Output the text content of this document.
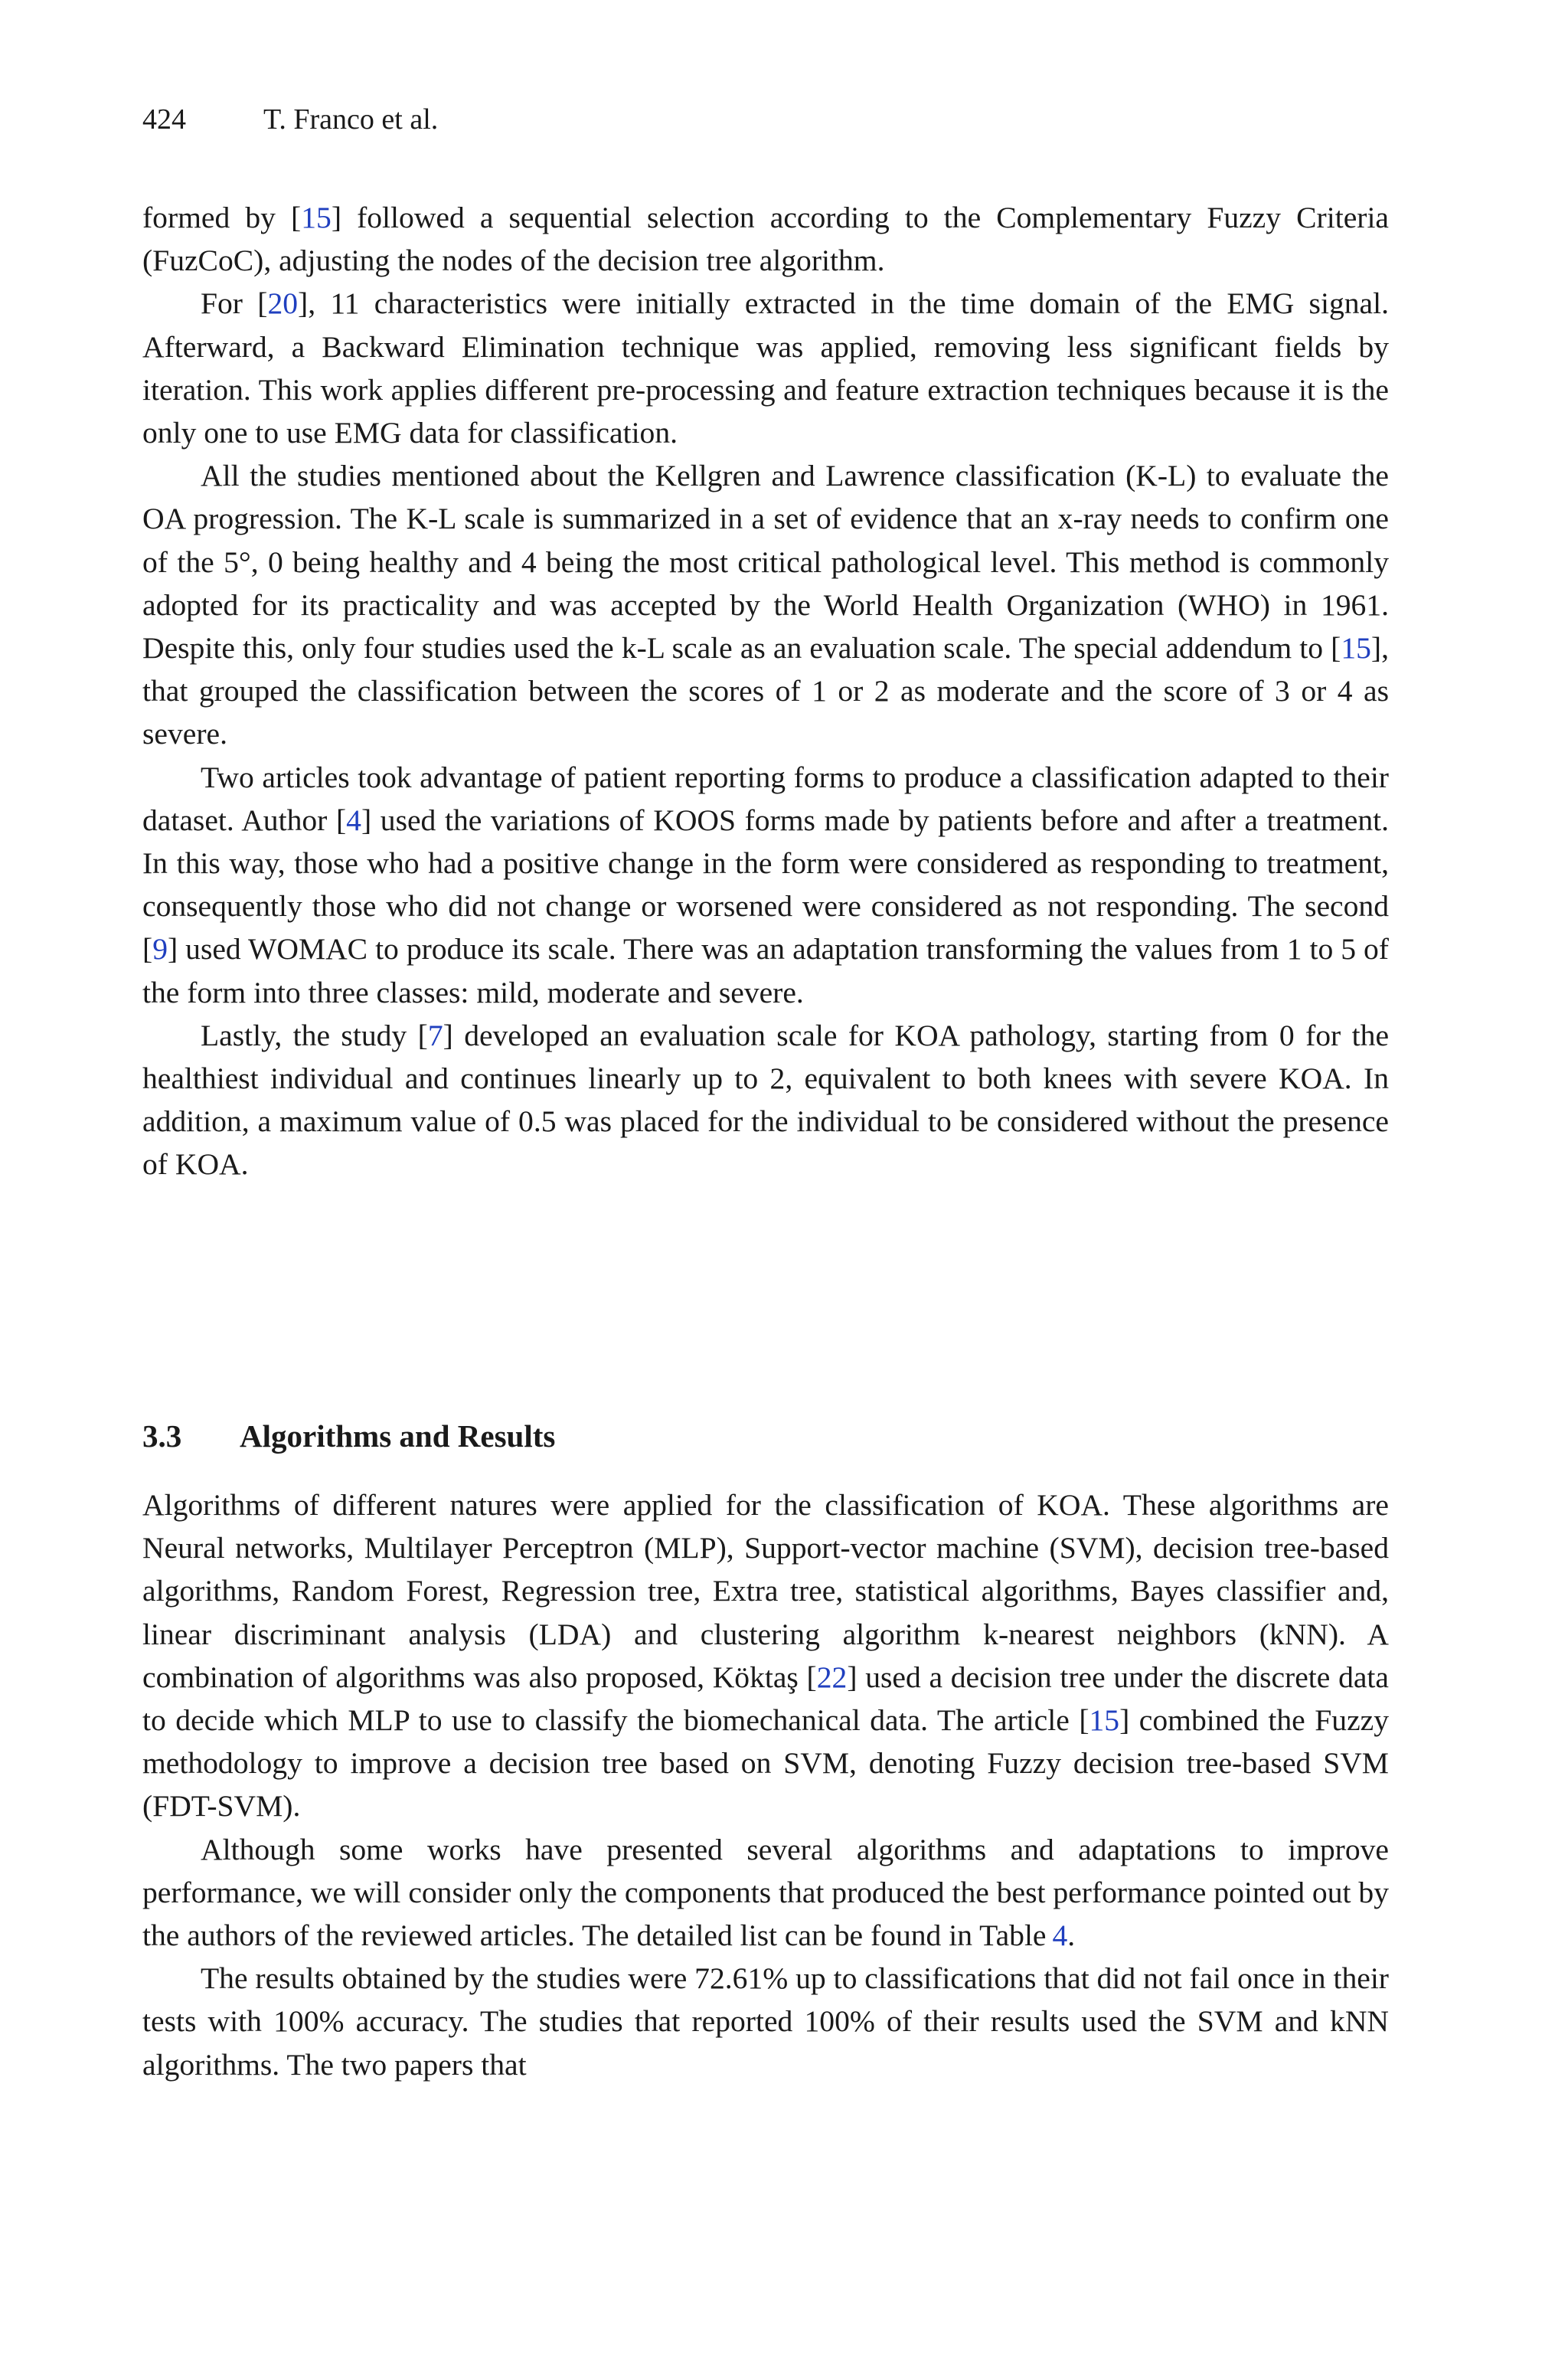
424	T. Franco et al.

formed by [15] followed a sequential selection according to the Complementary Fuzzy Criteria (FuzCoC), adjusting the nodes of the decision tree algorithm.

For [20], 11 characteristics were initially extracted in the time domain of the EMG signal. Afterward, a Backward Elimination technique was applied, removing less significant fields by iteration. This work applies different pre-processing and feature extraction techniques because it is the only one to use EMG data for classification.

All the studies mentioned about the Kellgren and Lawrence classification (K-L) to evaluate the OA progression. The K-L scale is summarized in a set of evidence that an x-ray needs to confirm one of the 5°, 0 being healthy and 4 being the most critical pathological level. This method is commonly adopted for its practicality and was accepted by the World Health Organization (WHO) in 1961. Despite this, only four studies used the k-L scale as an evaluation scale. The special addendum to [15], that grouped the classification between the scores of 1 or 2 as moderate and the score of 3 or 4 as severe.

Two articles took advantage of patient reporting forms to produce a classification adapted to their dataset. Author [4] used the variations of KOOS forms made by patients before and after a treatment. In this way, those who had a positive change in the form were considered as responding to treatment, consequently those who did not change or worsened were considered as not responding. The second [9] used WOMAC to produce its scale. There was an adaptation transforming the values from 1 to 5 of the form into three classes: mild, moderate and severe.

Lastly, the study [7] developed an evaluation scale for KOA pathology, starting from 0 for the healthiest individual and continues linearly up to 2, equivalent to both knees with severe KOA. In addition, a maximum value of 0.5 was placed for the individual to be considered without the presence of KOA.

3.3 Algorithms and Results

Algorithms of different natures were applied for the classification of KOA. These algorithms are Neural networks, Multilayer Perceptron (MLP), Support-vector machine (SVM), decision tree-based algorithms, Random Forest, Regression tree, Extra tree, statistical algorithms, Bayes classifier and, linear discriminant analysis (LDA) and clustering algorithm k-nearest neighbors (kNN). A combination of algorithms was also proposed, Köktaş [22] used a decision tree under the discrete data to decide which MLP to use to classify the biomechanical data. The article [15] combined the Fuzzy methodology to improve a decision tree based on SVM, denoting Fuzzy decision tree-based SVM (FDT-SVM).

Although some works have presented several algorithms and adaptations to improve performance, we will consider only the components that produced the best performance pointed out by the authors of the reviewed articles. The detailed list can be found in Table 4.

The results obtained by the studies were 72.61% up to classifications that did not fail once in their tests with 100% accuracy. The studies that reported 100% of their results used the SVM and kNN algorithms. The two papers that
